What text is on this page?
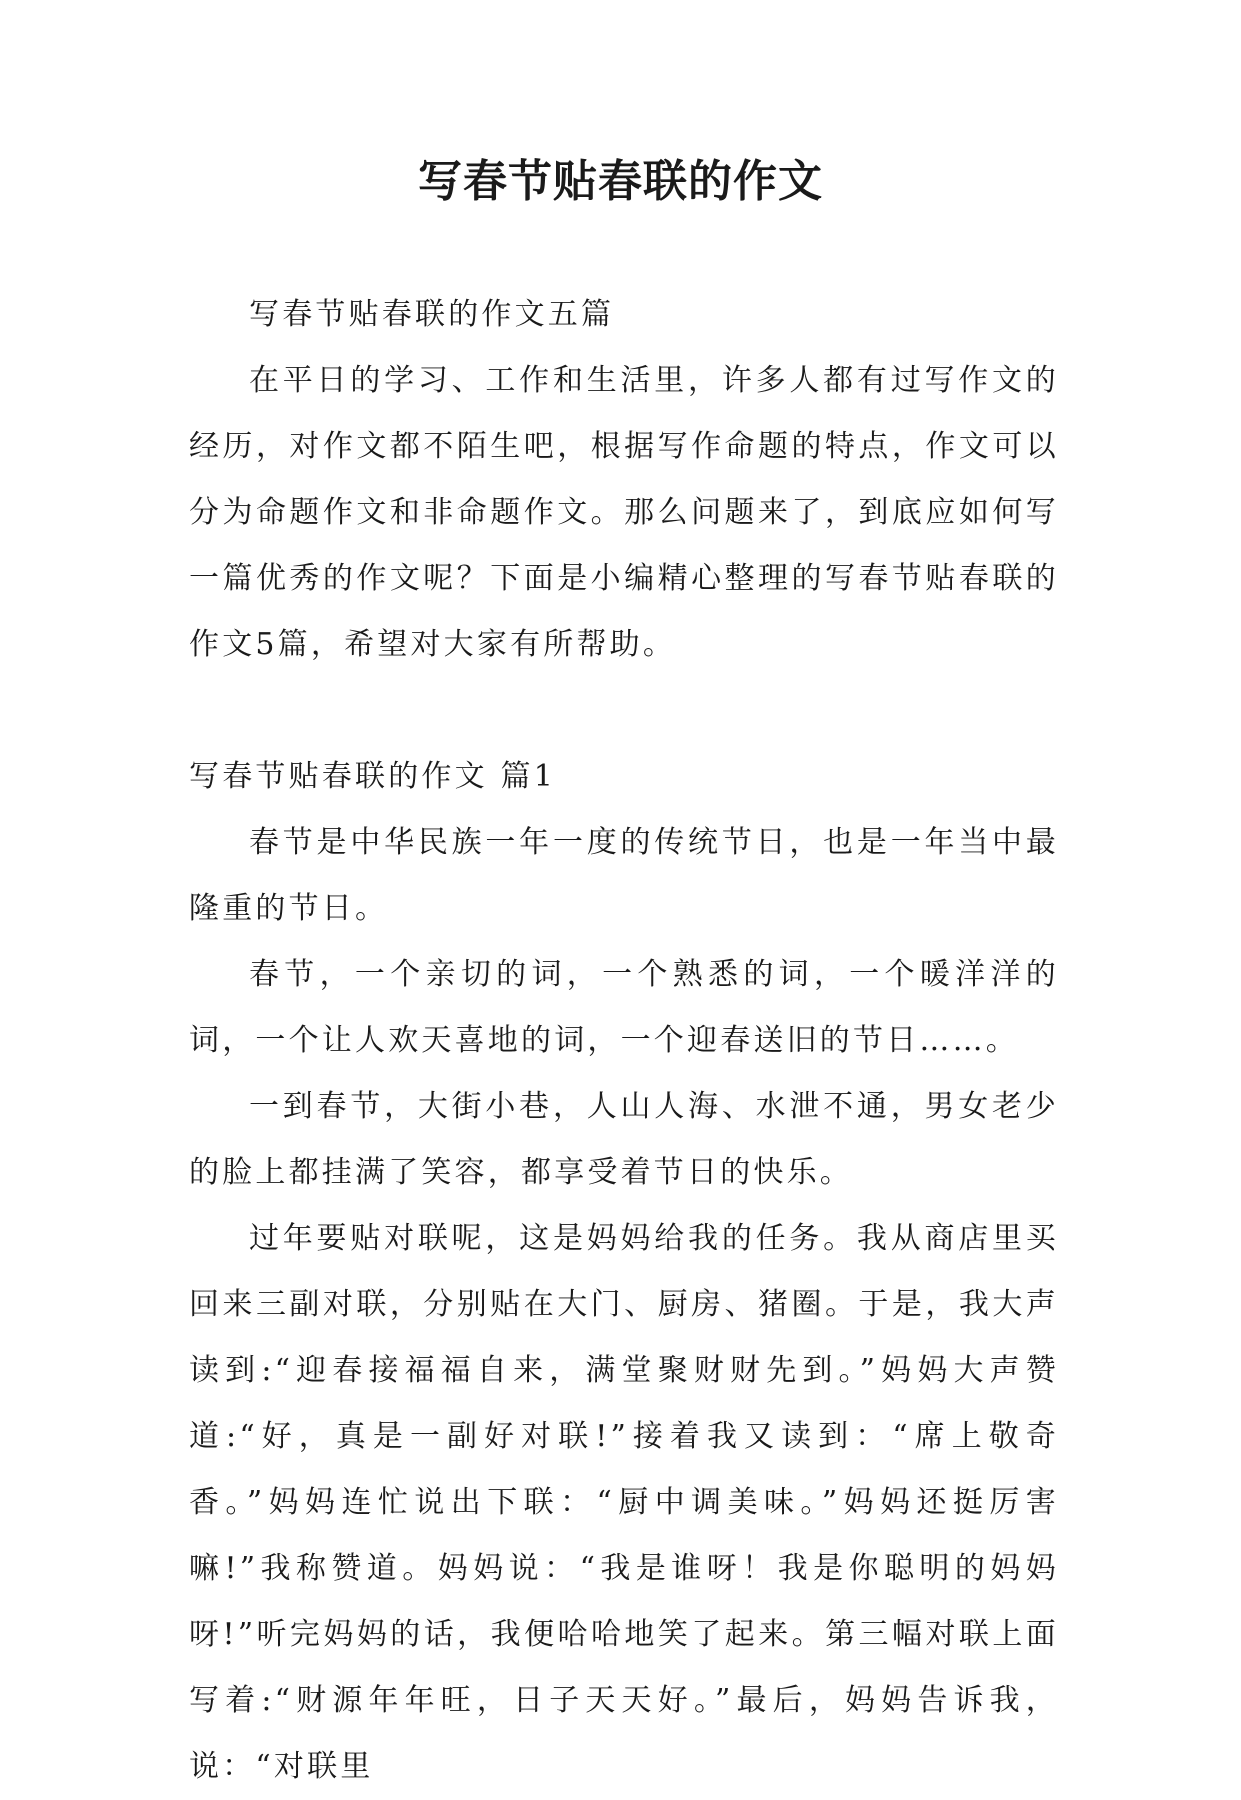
写春节贴春联的作文

写春节贴春联的作文五篇

在平日的学习、工作和生活里，许多人都有过写作文的经历，对作文都不陌生吧，根据写作命题的特点，作文可以分为命题作文和非命题作文。那么问题来了，到底应如何写一篇优秀的作文呢？下面是小编精心整理的写春节贴春联的作文5篇，希望对大家有所帮助。

写春节贴春联的作文 篇1

春节是中华民族一年一度的传统节日，也是一年当中最隆重的节日。

春节，一个亲切的词，一个熟悉的词，一个暖洋洋的词，一个让人欢天喜地的词，一个迎春送旧的节日……。

一到春节，大街小巷，人山人海、水泄不通，男女老少的脸上都挂满了笑容，都享受着节日的快乐。

过年要贴对联呢，这是妈妈给我的任务。我从商店里买回来三副对联，分别贴在大门、厨房、猪圈。于是，我大声读到:“迎春接福福自来，满堂聚财财先到。”妈妈大声赞道:“好，真是一副好对联!”接着我又读到：“席上敬奇香。”妈妈连忙说出下联：“厨中调美味。”妈妈还挺厉害嘛!”我称赞道。妈妈说：“我是谁呀！我是你聪明的妈妈呀!”听完妈妈的话，我便哈哈地笑了起来。第三幅对联上面写着:“财源年年旺，日子天天好。”最后，妈妈告诉我，说：“对联里
